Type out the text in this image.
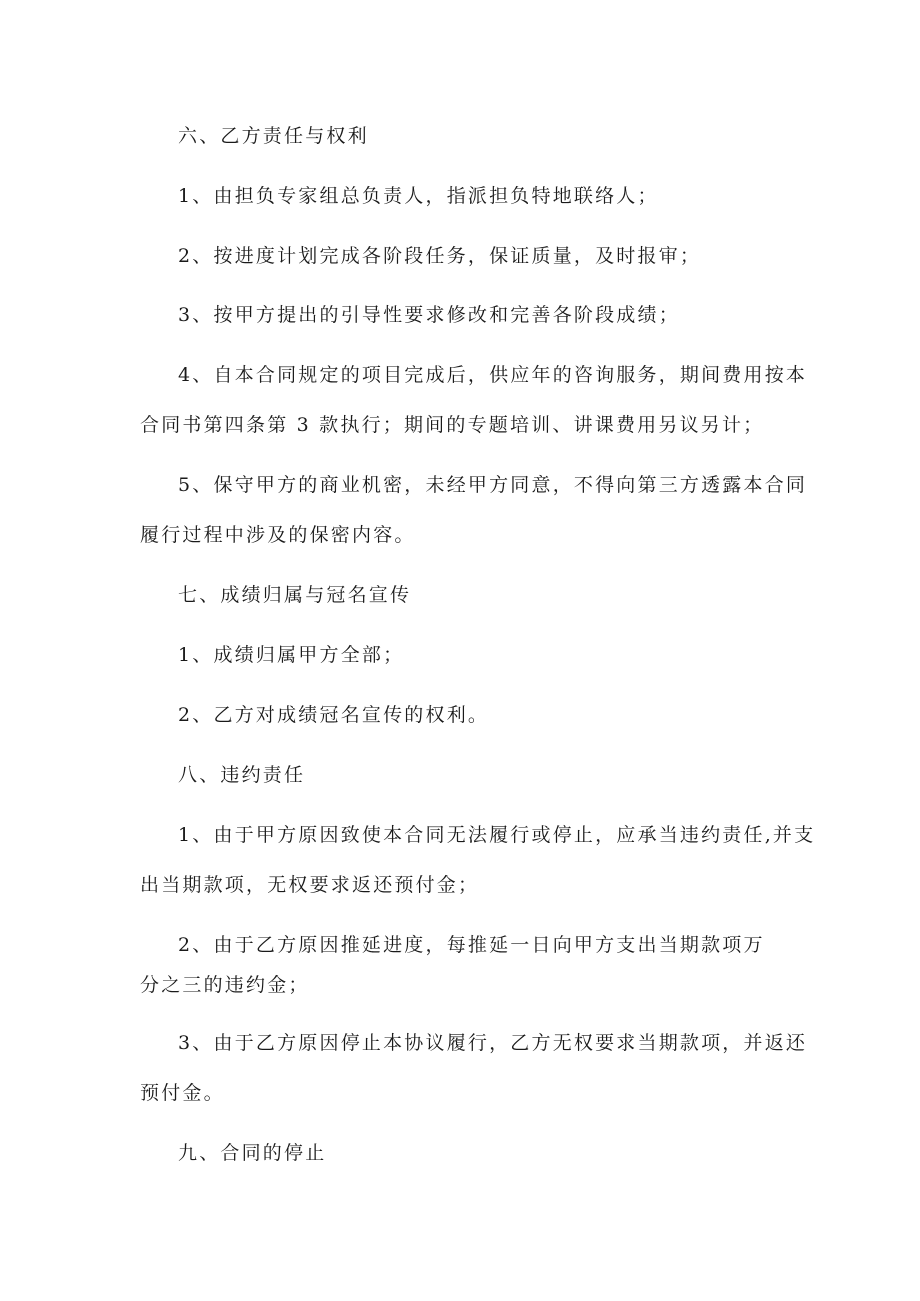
六、乙方责任与权利
1、由担负专家组总负责人，指派担负特地联络人；
2、按进度计划完成各阶段任务，保证质量，及时报审；
3、按甲方提出的引导性要求修改和完善各阶段成绩；
4、自本合同规定的项目完成后，供应年的咨询服务，期间费用按本
合同书第四条第 3 款执行；期间的专题培训、讲课费用另议另计；
5、保守甲方的商业机密，未经甲方同意，不得向第三方透露本合同
履行过程中涉及的保密内容。
七、成绩归属与冠名宣传
1、成绩归属甲方全部；
2、乙方对成绩冠名宣传的权利。
八、违约责任
1、由于甲方原因致使本合同无法履行或停止，应承当违约责任,并支
出当期款项，无权要求返还预付金；
2、由于乙方原因推延进度，每推延一日向甲方支出当期款项万
分之三的违约金；
3、由于乙方原因停止本协议履行，乙方无权要求当期款项，并返还
预付金。
九、合同的停止
